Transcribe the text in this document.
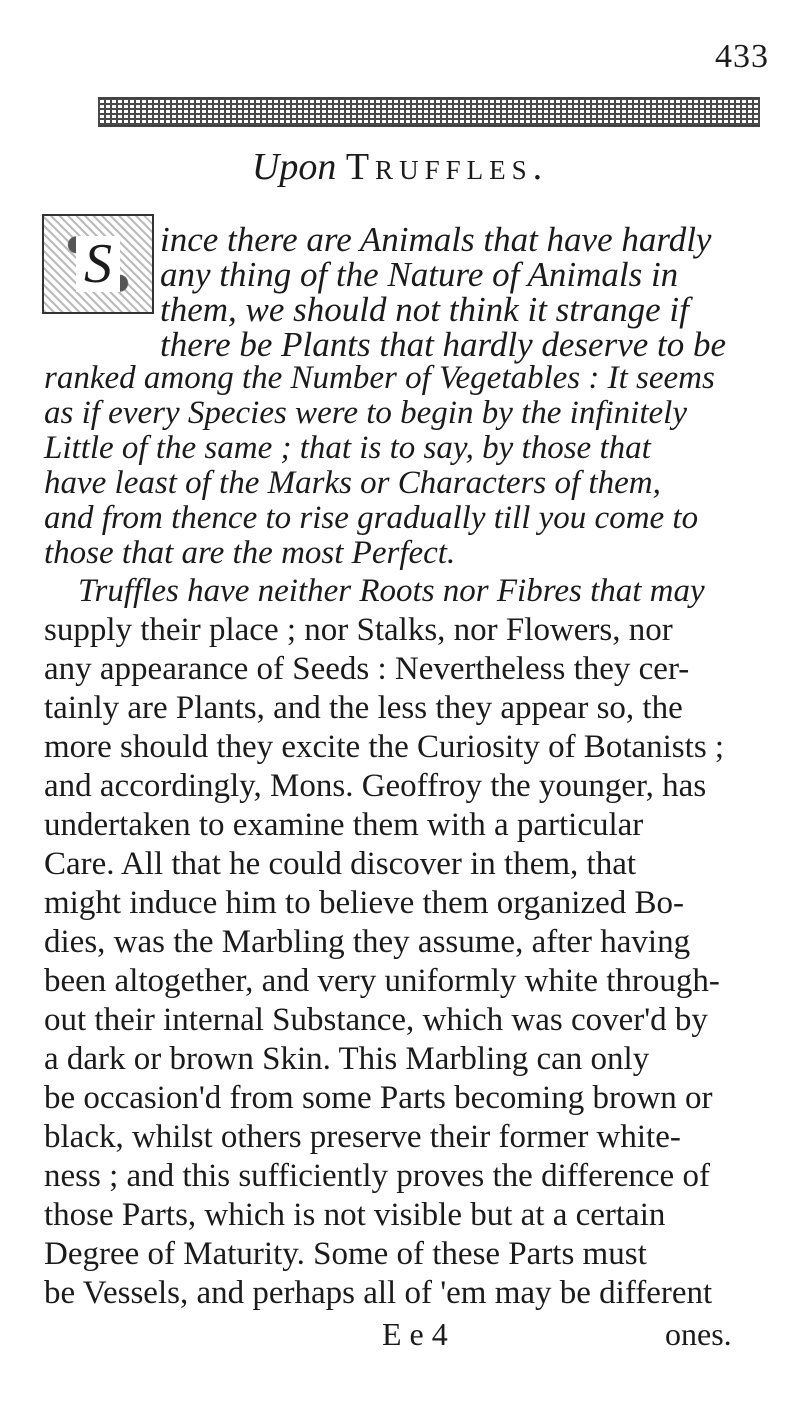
433
Upon Truffles.
S ince there are Animals that have hardly
any thing of the Nature of Animals in
them, we should not think it strange if
there be Plants that hardly deserve to be
ranked among the Number of Vegetables : It seems
as if every Species were to begin by the infinitely
Little of the same ; that is to say, by those that
have least of the Marks or Characters of them,
and from thence to rise gradually till you come to
those that are the most Perfect.
Truffles have neither Roots nor Fibres that may
supply their place ; nor Stalks, nor Flowers, nor
any appearance of Seeds : Nevertheless they cer-
tainly are Plants, and the less they appear so, the
more should they excite the Curiosity of Botanists ;
and accordingly, Mons. Geoffroy the younger, has
undertaken to examine them with a particular
Care. All that he could discover in them, that
might induce him to believe them organized Bo-
dies, was the Marbling they assume, after having
been altogether, and very uniformly white through-
out their internal Substance, which was cover'd by
a dark or brown Skin. This Marbling can only
be occasion'd from some Parts becoming brown or
black, whilst others preserve their former white-
ness ; and this sufficiently proves the difference of
those Parts, which is not visible but at a certain
Degree of Maturity. Some of these Parts must
be Vessels, and perhaps all of 'em may be different
E e 4	ones.
